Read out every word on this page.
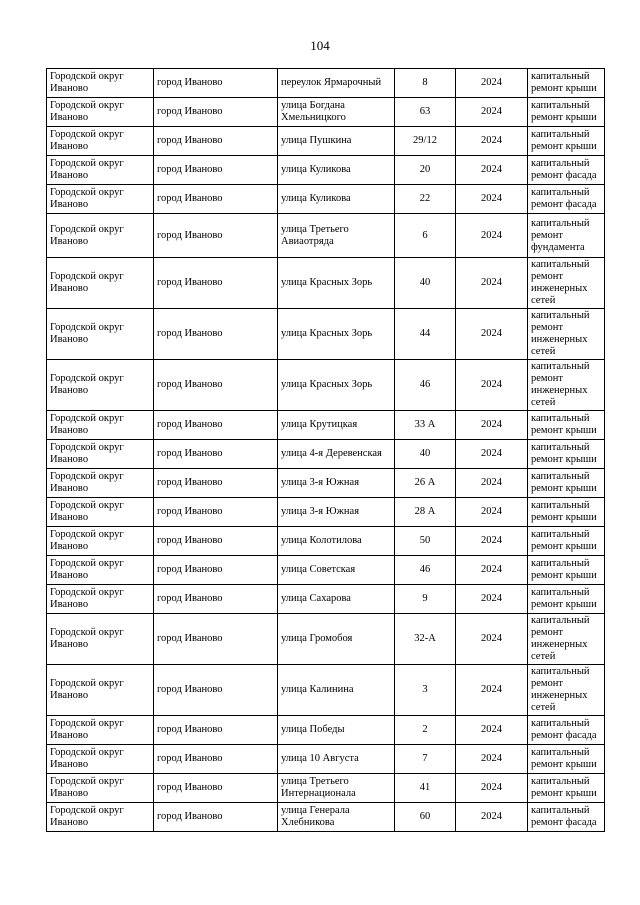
104
Городской округ Иваново	город Иваново	переулок Ярмарочный	8	2024	капитальный ремонт крыши
Городской округ Иваново	город Иваново	улица Богдана Хмельницкого	63	2024	капитальный ремонт крыши
Городской округ Иваново	город Иваново	улица Пушкина	29/12	2024	капитальный ремонт крыши
Городской округ Иваново	город Иваново	улица Куликова	20	2024	капитальный ремонт фасада
Городской округ Иваново	город Иваново	улица Куликова	22	2024	капитальный ремонт фасада
Городской округ Иваново	город Иваново	улица Третьего Авиаотряда	6	2024	капитальный ремонт фундамента
Городской округ Иваново	город Иваново	улица Красных Зорь	40	2024	капитальный ремонт инженерных сетей
Городской округ Иваново	город Иваново	улица Красных Зорь	44	2024	капитальный ремонт инженерных сетей
Городской округ Иваново	город Иваново	улица Красных Зорь	46	2024	капитальный ремонт инженерных сетей
Городской округ Иваново	город Иваново	улица Крутицкая	33 А	2024	капитальный ремонт крыши
Городской округ Иваново	город Иваново	улица 4-я Деревенская	40	2024	капитальный ремонт крыши
Городской округ Иваново	город Иваново	улица 3-я Южная	26 А	2024	капитальный ремонт крыши
Городской округ Иваново	город Иваново	улица 3-я Южная	28 А	2024	капитальный ремонт крыши
Городской округ Иваново	город Иваново	улица Колотилова	50	2024	капитальный ремонт крыши
Городской округ Иваново	город Иваново	улица Советская	46	2024	капитальный ремонт крыши
Городской округ Иваново	город Иваново	улица Сахарова	9	2024	капитальный ремонт крыши
Городской округ Иваново	город Иваново	улица Громобоя	32-А	2024	капитальный ремонт инженерных сетей
Городской округ Иваново	город Иваново	улица Калинина	3	2024	капитальный ремонт инженерных сетей
Городской округ Иваново	город Иваново	улица Победы	2	2024	капитальный ремонт фасада
Городской округ Иваново	город Иваново	улица 10 Августа	7	2024	капитальный ремонт крыши
Городской округ Иваново	город Иваново	улица Третьего Интернационала	41	2024	капитальный ремонт крыши
Городской округ Иваново	город Иваново	улица Генерала Хлебникова	60	2024	капитальный ремонт фасада
